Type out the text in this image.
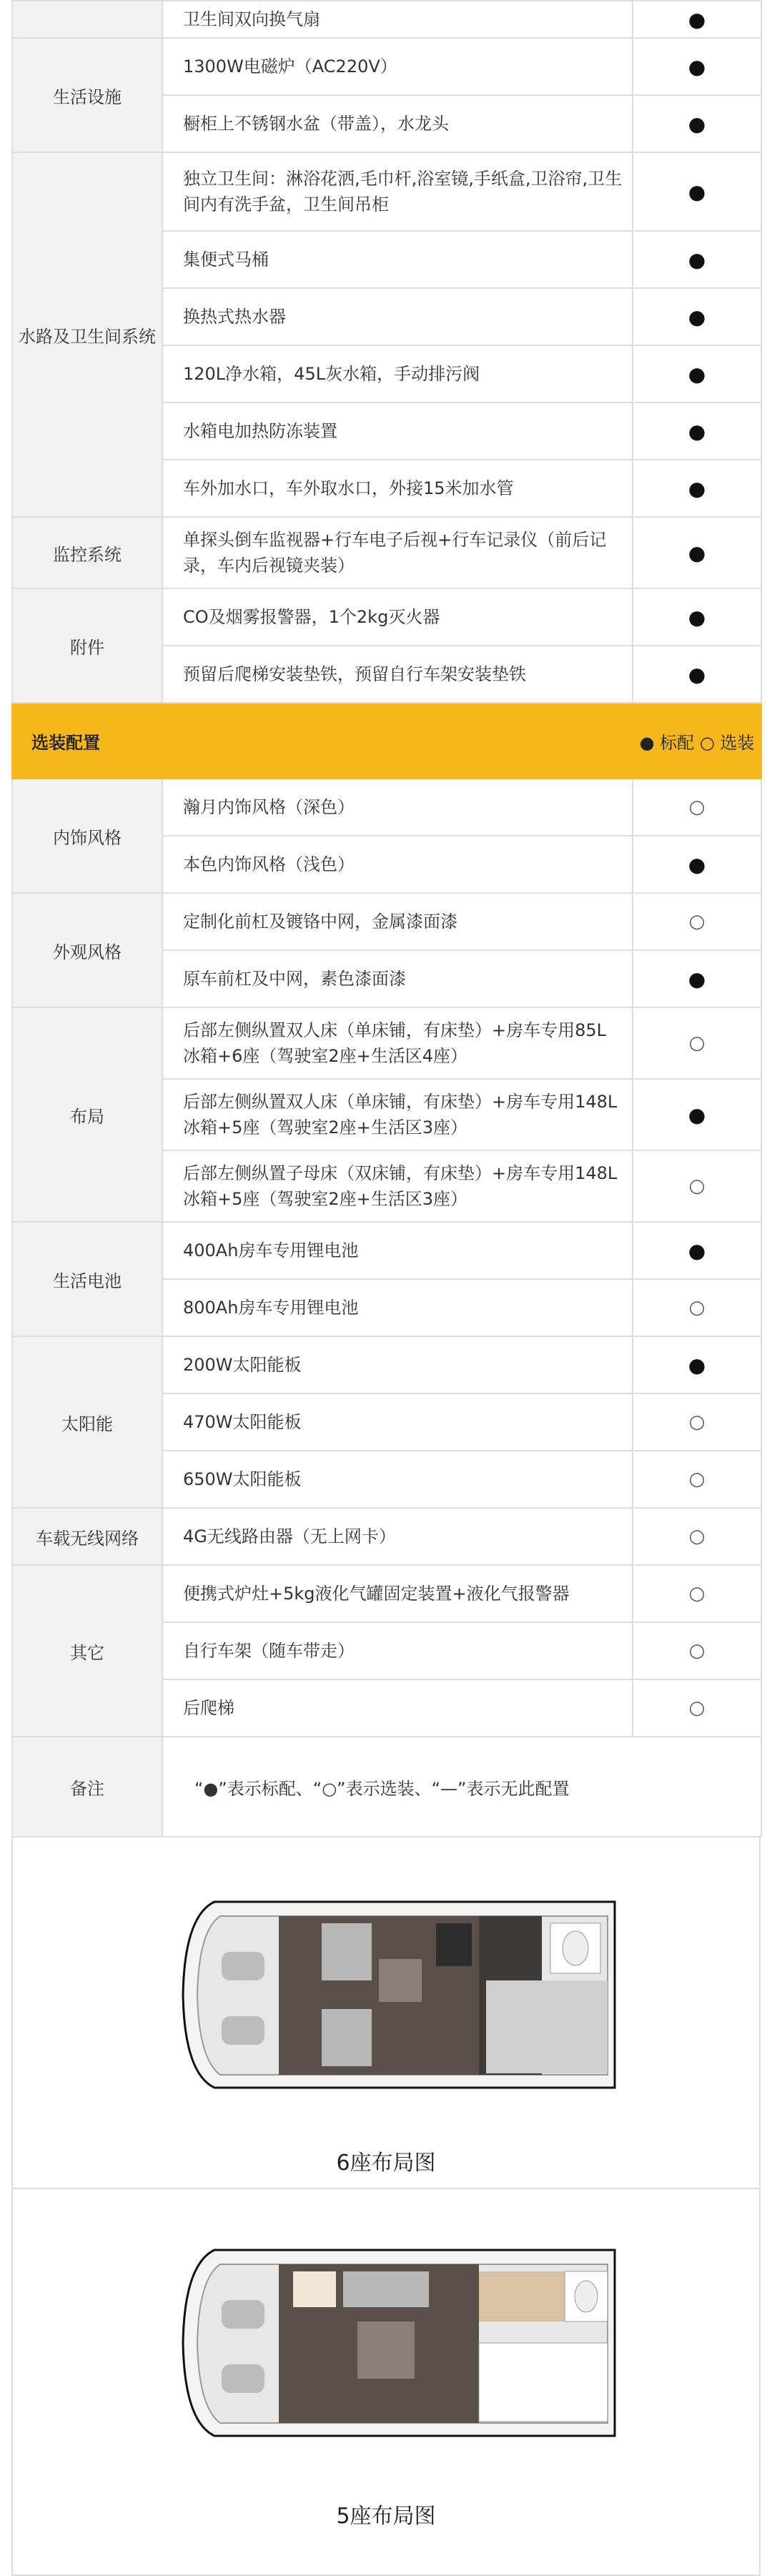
	卫生间双向换气扇	●
生活设施	1300W电磁炉（AC220V）	●
	橱柜上不锈钢水盆（带盖），水龙头	●
水路及卫生间系统	独立卫生间：淋浴花洒,毛巾杆,浴室镜,手纸盒,卫浴帘,卫生间内有洗手盆，卫生间吊柜	●
	集便式马桶	●
	换热式热水器	●
	120L净水箱，45L灰水箱，手动排污阀	●
	水箱电加热防冻装置	●
	车外加水口，车外取水口，外接15米加水管	●
监控系统	单探头倒车监视器+行车电子后视+行车记录仪（前后记录，车内后视镜夹装）	●
附件	CO及烟雾报警器，1个2kg灭火器	●
	预留后爬梯安装垫铁，预留自行车架安装垫铁	●
选装配置		● 标配 ○ 选装
内饰风格	瀚月内饰风格（深色）	○
	本色内饰风格（浅色）	●
外观风格	定制化前杠及镀铬中网，金属漆面漆	○
	原车前杠及中网，素色漆面漆	●
布局	后部左侧纵置双人床（单床铺，有床垫）+房车专用85L冰箱+6座（驾驶室2座+生活区4座）	○
	后部左侧纵置双人床（单床铺，有床垫）+房车专用148L冰箱+5座（驾驶室2座+生活区3座）	●
	后部左侧纵置子母床（双床铺，有床垫）+房车专用148L冰箱+5座（驾驶室2座+生活区3座）	○
生活电池	400Ah房车专用锂电池	●
	800Ah房车专用锂电池	○
太阳能	200W太阳能板	●
	470W太阳能板	○
	650W太阳能板	○
车载无线网络	4G无线路由器（无上网卡）	○
其它	便携式炉灶+5kg液化气罐固定装置+液化气报警器	○
	自行车架（随车带走）	○
	后爬梯	○
备注	“●”表示标配、“○”表示选装、“—”表示无此配置	
6座布局图
5座布局图
